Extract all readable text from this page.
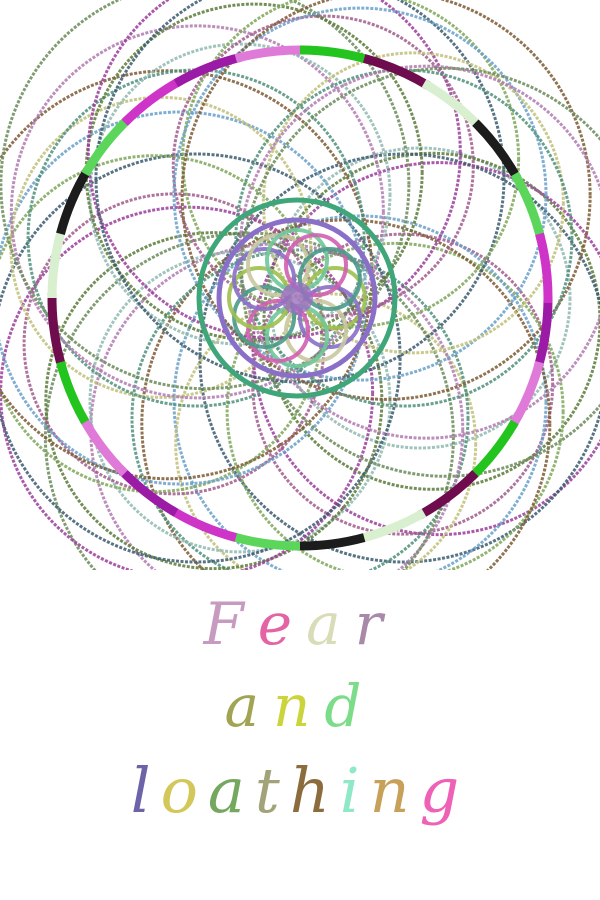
Fear
and
loathing
